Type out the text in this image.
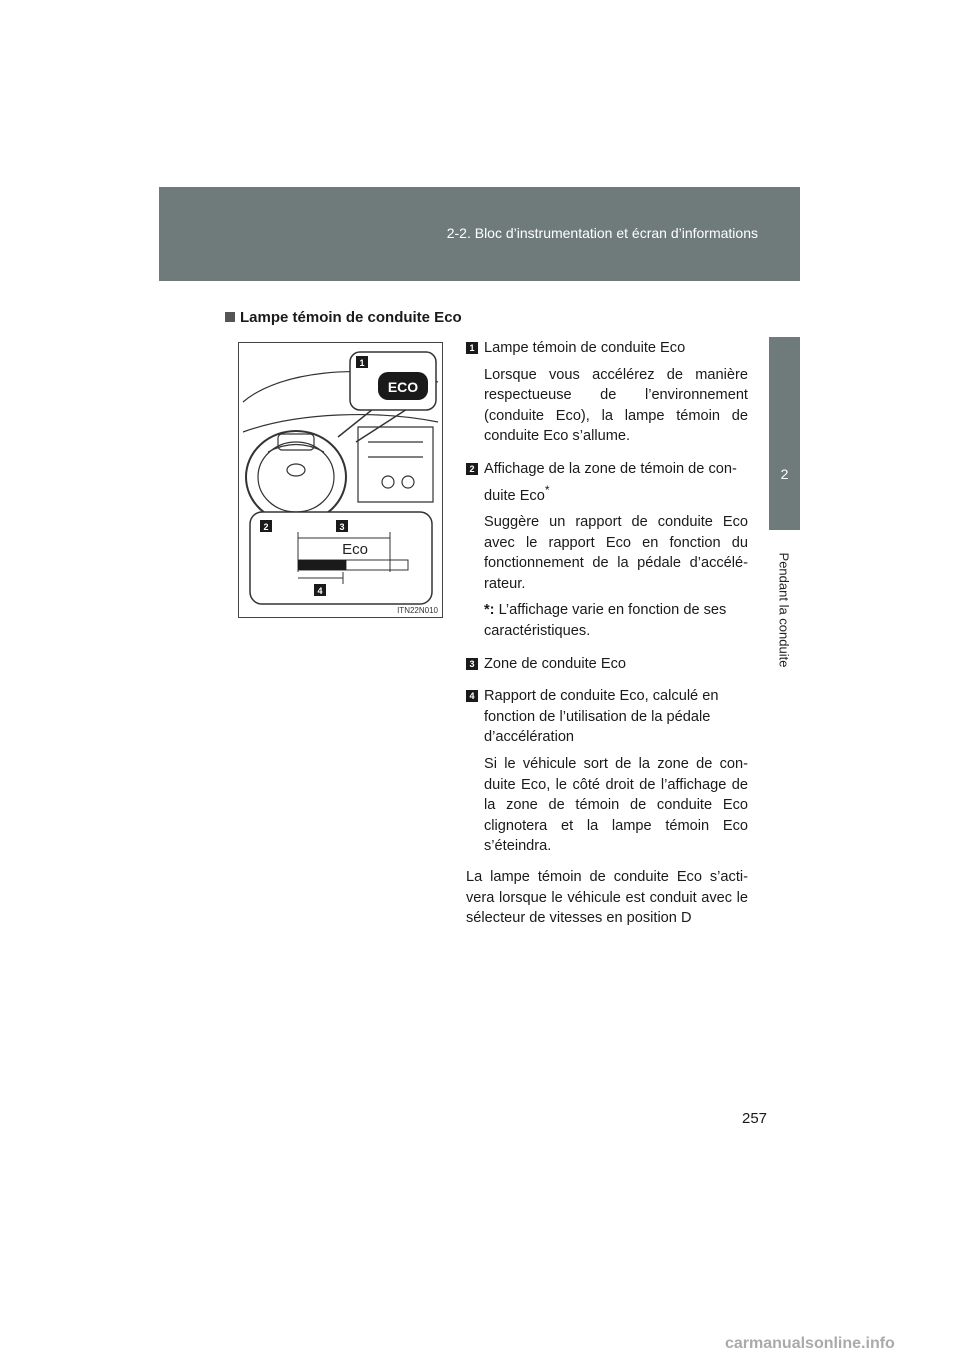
2-2. Bloc d’instrumentation et écran d’informations
2
Pendant la conduite
Lampe témoin de conduite Eco
ECO
1
2	3
Eco
4
ITN22N010
1 Lampe témoin de conduite Eco
Lorsque vous accélérez de manière respectueuse de l’environnement (conduite Eco), la lampe témoin de conduite Eco s’allume.
2 Affichage de la zone de témoin de con- duite Eco*
Suggère un rapport de conduite Eco avec le rapport Eco en fonction du fonctionnement de la pédale d’accélé- rateur.
*: L’affichage varie en fonction de ses caractéristiques.
3 Zone de conduite Eco
4 Rapport de conduite Eco, calculé en fonction de l’utilisation de la pédale d’accélération
Si le véhicule sort de la zone de con- duite Eco, le côté droit de l’affichage de la zone de témoin de conduite Eco clignotera et la lampe témoin Eco s’éteindra.
La lampe témoin de conduite Eco s’acti- vera lorsque le véhicule est conduit avec le sélecteur de vitesses en position D
257
carmanualsonline.info
